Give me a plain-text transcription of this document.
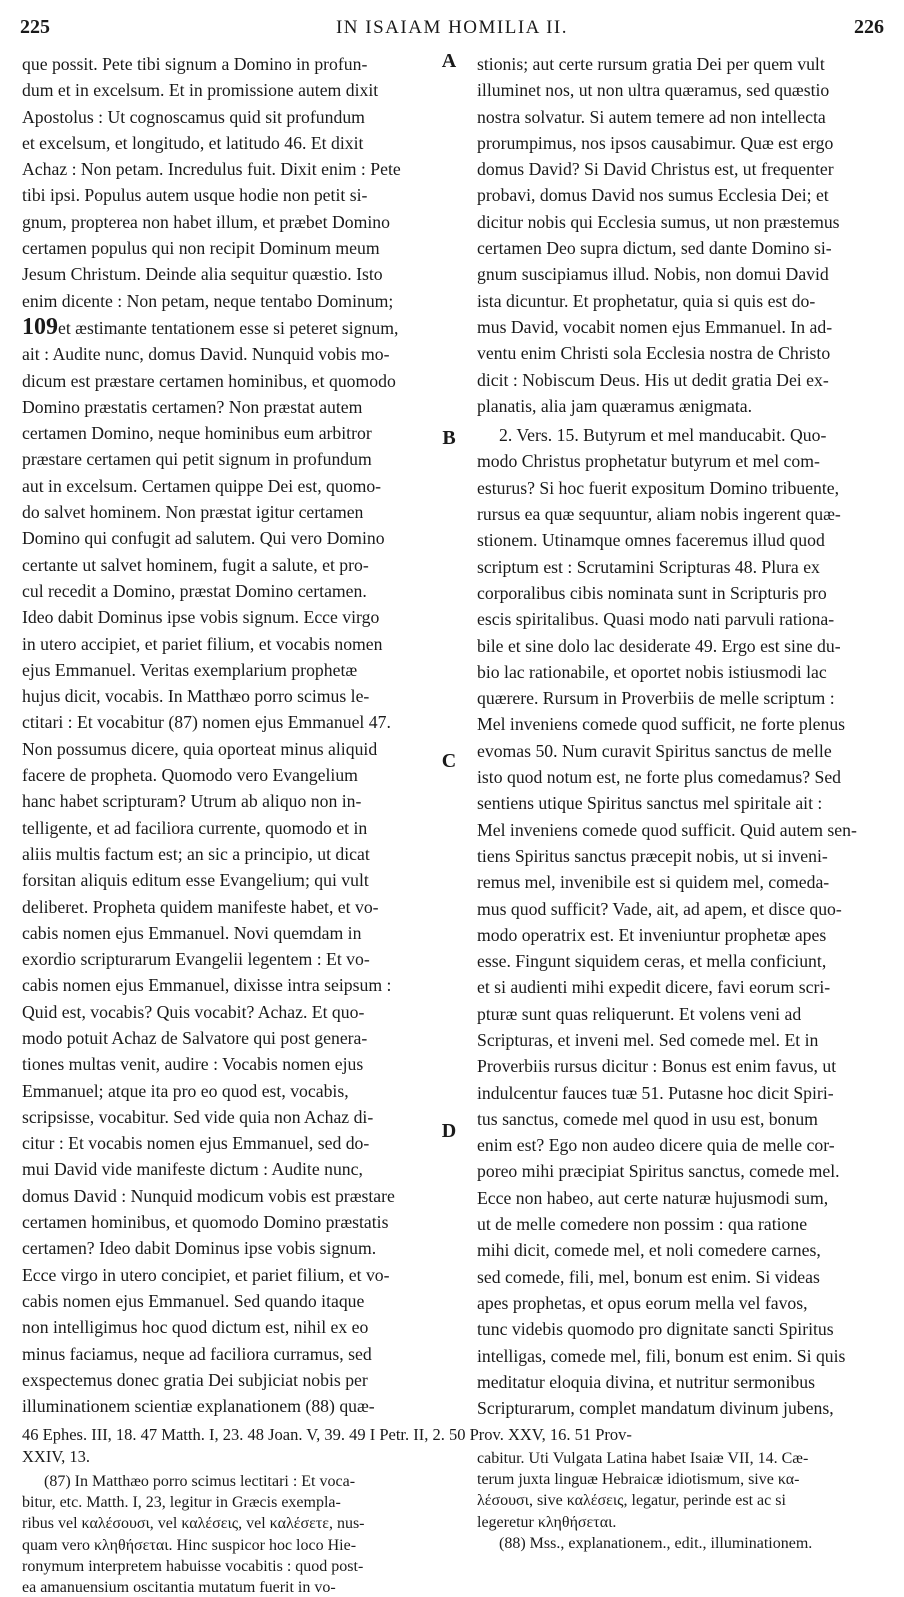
225	IN ISAIAM HOMILIA II.	226
A
B
C
D

que possit. Pete tibi signum a Domino in profun-

dum et in excelsum. Et in promissione autem dixit

Apostolus : Ut cognoscamus quid sit profundum

et excelsum, et longitudo, et latitudo 46. Et dixit

Achaz : Non petam. Incredulus fuit. Dixit enim : Pete

tibi ipsi. Populus autem usque hodie non petit si-

gnum, propterea non habet illum, et præbet Domino

certamen populus qui non recipit Dominum meum

Jesum Christum. Deinde alia sequitur quæstio. Isto

enim dicente : Non petam, neque tentabo Dominum;

109et æstimante tentationem esse si peteret signum,

ait : Audite nunc, domus David. Nunquid vobis mo-

dicum est præstare certamen hominibus, et quomodo

Domino præstatis certamen? Non præstat autem

certamen Domino, neque hominibus eum arbitror

præstare certamen qui petit signum in profundum

aut in excelsum. Certamen quippe Dei est, quomo-

do salvet hominem. Non præstat igitur certamen

Domino qui confugit ad salutem. Qui vero Domino

certante ut salvet hominem, fugit a salute, et pro-

cul recedit a Domino, præstat Domino certamen.

Ideo dabit Dominus ipse vobis signum. Ecce virgo

in utero accipiet, et pariet filium, et vocabis nomen

ejus Emmanuel. Veritas exemplarium prophetæ

hujus dicit, vocabis. In Matthæo porro scimus le-

ctitari : Et vocabitur (87) nomen ejus Emmanuel 47.

Non possumus dicere, quia oporteat minus aliquid

facere de propheta. Quomodo vero Evangelium

hanc habet scripturam? Utrum ab aliquo non in-

telligente, et ad faciliora currente, quomodo et in

aliis multis factum est; an sic a principio, ut dicat

forsitan aliquis editum esse Evangelium; qui vult

deliberet. Propheta quidem manifeste habet, et vo-

cabis nomen ejus Emmanuel. Novi quemdam in

exordio scripturarum Evangelii legentem : Et vo-

cabis nomen ejus Emmanuel, dixisse intra seipsum :

Quid est, vocabis? Quis vocabit? Achaz. Et quo-

modo potuit Achaz de Salvatore qui post genera-

tiones multas venit, audire : Vocabis nomen ejus

Emmanuel; atque ita pro eo quod est, vocabis,

scripsisse, vocabitur. Sed vide quia non Achaz di-

citur : Et vocabis nomen ejus Emmanuel, sed do-

mui David vide manifeste dictum : Audite nunc,

domus David : Nunquid modicum vobis est præstare

certamen hominibus, et quomodo Domino præstatis

certamen? Ideo dabit Dominus ipse vobis signum.

Ecce virgo in utero concipiet, et pariet filium, et vo-

cabis nomen ejus Emmanuel. Sed quando itaque

non intelligimus hoc quod dictum est, nihil ex eo

minus faciamus, neque ad faciliora curramus, sed

exspectemus donec gratia Dei subjiciat nobis per

illuminationem scientiæ explanationem (88) quæ-

stionis; aut certe rursum gratia Dei per quem vult

illuminet nos, ut non ultra quæramus, sed quæstio

nostra solvatur. Si autem temere ad non intellecta

prorumpimus, nos ipsos causabimur. Quæ est ergo

domus David? Si David Christus est, ut frequenter

probavi, domus David nos sumus Ecclesia Dei; et

dicitur nobis qui Ecclesia sumus, ut non præstemus

certamen Deo supra dictum, sed dante Domino si-

gnum suscipiamus illud. Nobis, non domui David

ista dicuntur. Et prophetatur, quia si quis est do-

mus David, vocabit nomen ejus Emmanuel. In ad-

ventu enim Christi sola Ecclesia nostra de Christo

dicit : Nobiscum Deus. His ut dedit gratia Dei ex-

planatis, alia jam quæramus ænigmata.

2. Vers. 15. Butyrum et mel manducabit. Quo-

modo Christus prophetatur butyrum et mel com-

esturus? Si hoc fuerit expositum Domino tribuente,

rursus ea quæ sequuntur, aliam nobis ingerent quæ-

stionem. Utinamque omnes faceremus illud quod

scriptum est : Scrutamini Scripturas 48. Plura ex

corporalibus cibis nominata sunt in Scripturis pro

escis spiritalibus. Quasi modo nati parvuli rationa-

bile et sine dolo lac desiderate 49. Ergo est sine du-

bio lac rationabile, et oportet nobis istiusmodi lac

quærere. Rursum in Proverbiis de melle scriptum :

Mel inveniens comede quod sufficit, ne forte plenus

evomas 50. Num curavit Spiritus sanctus de melle

isto quod notum est, ne forte plus comedamus? Sed

sentiens utique Spiritus sanctus mel spiritale ait :

Mel inveniens comede quod sufficit. Quid autem sen-

tiens Spiritus sanctus præcepit nobis, ut si inveni-

remus mel, invenibile est si quidem mel, comeda-

mus quod sufficit? Vade, ait, ad apem, et disce quo-

modo operatrix est. Et inveniuntur prophetæ apes

esse. Fingunt siquidem ceras, et mella conficiunt,

et si audienti mihi expedit dicere, favi eorum scri-

pturæ sunt quas reliquerunt. Et volens veni ad

Scripturas, et inveni mel. Sed comede mel. Et in

Proverbiis rursus dicitur : Bonus est enim favus, ut

indulcentur fauces tuæ 51. Putasne hoc dicit Spiri-

tus sanctus, comede mel quod in usu est, bonum

enim est? Ego non audeo dicere quia de melle cor-

poreo mihi præcipiat Spiritus sanctus, comede mel.

Ecce non habeo, aut certe naturæ hujusmodi sum,

ut de melle comedere non possim : qua ratione

mihi dicit, comede mel, et noli comedere carnes,

sed comede, fili, mel, bonum est enim. Si videas

apes prophetas, et opus eorum mella vel favos,

tunc videbis quomodo pro dignitate sancti Spiritus

intelligas, comede mel, fili, bonum est enim. Si quis

meditatur eloquia divina, et nutritur sermonibus

Scripturarum, complet mandatum divinum jubens,

46 Ephes. III, 18. 47 Matth. I, 23. 48 Joan. V, 39. 49 I Petr. II, 2. 50 Prov. XXV, 16. 51 Prov-
XXIV, 13.

(87) In Matthæo porro scimus lectitari : Et voca-

bitur, etc. Matth. I, 23, legitur in Græcis exempla-

ribus vel καλέσουσι, vel καλέσεις, vel καλέσετε, nus-

quam vero κληθήσεται. Hinc suspicor hoc loco Hie-

ronymum interpretem habuisse vocabitis : quod post-

ea amanuensium oscitantia mutatum fuerit in vo-

cabitur. Uti Vulgata Latina habet Isaiæ VII, 14. Cæ-

terum juxta linguæ Hebraicæ idiotismum, sive κα-

λέσουσι, sive καλέσεις, legatur, perinde est ac si

legeretur κληθήσεται.

(88) Mss., explanationem., edit., illuminationem.
